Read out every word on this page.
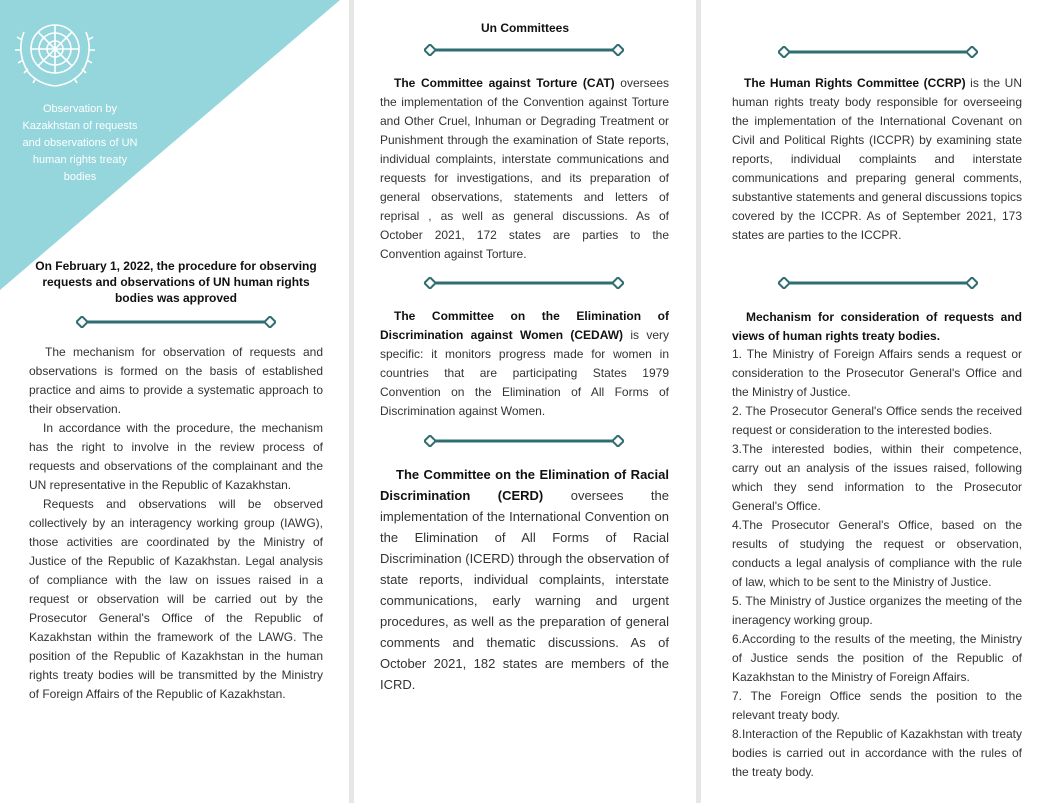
Observation by Kazakhstan of requests and observations of UN human rights treaty bodies
On February 1, 2022, the procedure for observing requests and observations of UN human rights bodies was approved

The mechanism for observation of requests and observations is formed on the basis of established practice and aims to provide a systematic approach to their observation.

In accordance with the procedure, the mechanism has the right to involve in the review process of requests and observations of the complainant and the UN representative in the Republic of Kazakhstan.

Requests and observations will be observed collectively by an interagency working group (IAWG), those activities are coordinated by the Ministry of Justice of the Republic of Kazakhstan. Legal analysis of compliance with the law on issues raised in a request or observation will be carried out by the Prosecutor General's Office of the Republic of Kazakhstan within the framework of the LAWG. The position of the Republic of Kazakhstan in the human rights treaty bodies will be transmitted by the Ministry of Foreign Affairs of the Republic of Kazakhstan.

Un Committees
The Committee against Torture (CAT) oversees the implementation of the Convention against Torture and Other Cruel, Inhuman or Degrading Treatment or Punishment through the examination of State reports, individual complaints, interstate communications and requests for investigations, and its preparation of general observations, statements and letters of reprisal , as well as general discussions. As of October 2021, 172 states are parties to the Convention against Torture.
The Committee on the Elimination of Discrimination against Women (CEDAW) is very specific: it monitors progress made for women in countries that are participating States 1979 Convention on the Elimination of All Forms of Discrimination against Women.
The Committee on the Elimination of Racial Discrimination (CERD) oversees the implementation of the International Convention on the Elimination of All Forms of Racial Discrimination (ICERD) through the observation of state reports, individual complaints, interstate communications, early warning and urgent procedures, as well as the preparation of general comments and thematic discussions. As of October 2021, 182 states are members of the ICRD.
The Human Rights Committee (CCRP) is the UN human rights treaty body responsible for overseeing the implementation of the International Covenant on Civil and Political Rights (ICCPR) by examining state reports, individual complaints and interstate communications and preparing general comments, substantive statements and general discussions topics covered by the ICCPR. As of September 2021, 173 states are parties to the ICCPR.
Mechanism for consideration of requests and views of human rights treaty bodies.
1. The Ministry of Foreign Affairs sends a request or consideration to the Prosecutor General's Office and the Ministry of Justice.
2. The Prosecutor General's Office sends the received request or consideration to the interested bodies.
3.The interested bodies, within their competence, carry out an analysis of the issues raised, following which they send information to the Prosecutor General's Office.
4.The Prosecutor General's Office, based on the results of studying the request or observation, conducts a legal analysis of compliance with the rule of law, which to be sent to the Ministry of Justice.
5. The Ministry of Justice organizes the meeting of the ineragency working group.
6.According to the results of the meeting, the Ministry of Justice sends the position of the Republic of Kazakhstan to the Ministry of Foreign Affairs.
7. The Foreign Office sends the position to the relevant treaty body.
8.Interaction of the Republic of Kazakhstan with treaty bodies is carried out in accordance with the rules of the treaty body.
